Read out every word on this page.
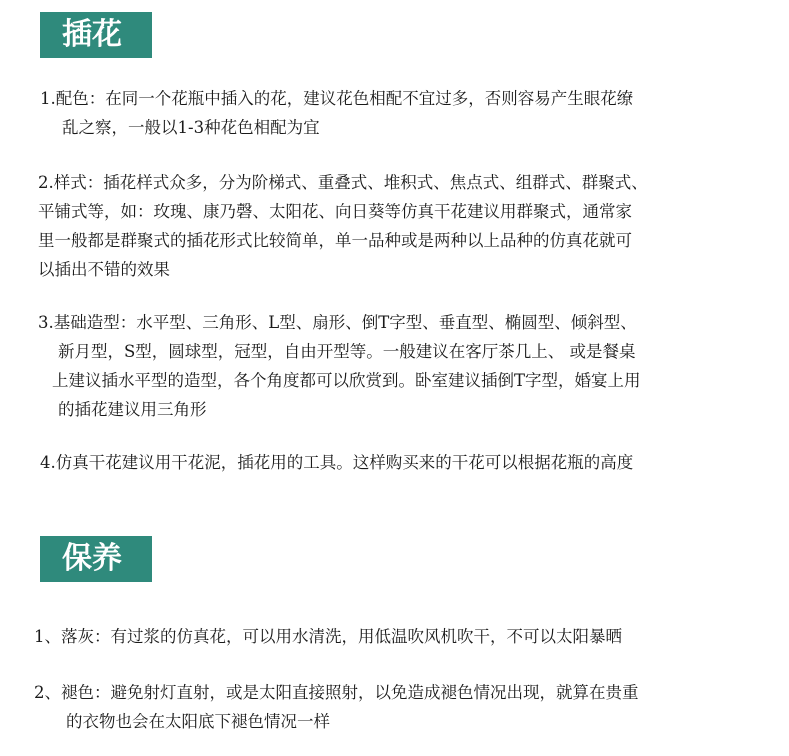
插花

1.配色：在同一个花瓶中插入的花，建议花色相配不宜过多，否则容易产生眼花缭
乱之察，一般以1-3种花色相配为宜

2.样式：插花样式众多，分为阶梯式、重叠式、堆积式、焦点式、组群式、群聚式、
平铺式等，如：玫瑰、康乃磬、太阳花、向日葵等仿真干花建议用群聚式，通常家
里一般都是群聚式的插花形式比较简单，单一品种或是两种以上品种的仿真花就可
以插出不错的效果

3.基础造型：水平型、三角形、L型、扇形、倒T字型、垂直型、椭圆型、倾斜型、
新月型，S型，圆球型，冠型，自由开型等。一般建议在客厅茶几上、 或是餐桌
上建议插水平型的造型，各个角度都可以欣赏到。卧室建议插倒T字型，婚宴上用
的插花建议用三角形

4.仿真干花建议用干花泥，插花用的工具。这样购买来的干花可以根据花瓶的高度

保养

1、落灰：有过浆的仿真花，可以用水清洗，用低温吹风机吹干，不可以太阳暴晒

2、褪色：避免射灯直射，或是太阳直接照射，以免造成褪色情况出现，就算在贵重
的衣物也会在太阳底下褪色情况一样
